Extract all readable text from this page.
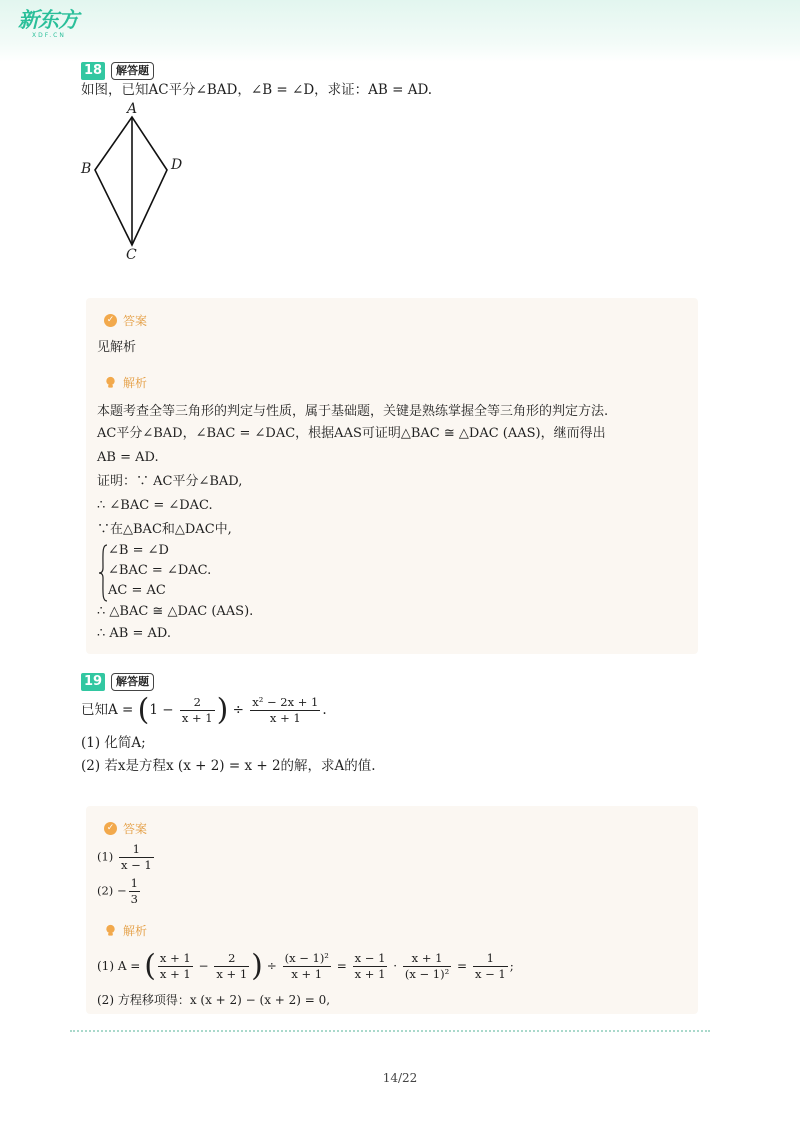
新东方
XDF.CN
18	解答题
如图，已知AC平分∠BAD，∠B = ∠D，求证：AB = AD.
A
B	D
C
✓ 答案
见解析
解析
本题考查全等三角形的判定与性质，属于基础题，关键是熟练掌握全等三角形的判定方法.
AC平分∠BAD，∠BAC = ∠DAC，根据AAS可证明△BAC ≅ △DAC (AAS)，继而得出
AB = AD.
证明：∵ AC平分∠BAD,
∴ ∠BAC = ∠DAC.
∵在△BAC和△DAC中,
∠B = ∠D
∠BAC = ∠DAC.
AC = AC
∴ △BAC ≅ △DAC (AAS).
∴ AB = AD.
19	解答题
已知$A = (1 - \frac{2}{x + 1}$ ) ÷ $\frac{\text{x² − 2x + 1}}{x + 1}$ .
(1) 化简A;
(2) 若x是方程x (x + 2) = x + 2的解，求A的值.
✓ 答案
$(1) \frac{1}{x - 1}$
$(2) - \frac{1}{3}$
解析
(1) A = ( $\frac{x + 1}{x + 1} - \frac{2}{x + 1}$ ) ÷ $\frac{\text{(x − 1)²}}{x + 1} = \frac{x - 1}{x + 1} \cdot \frac{x + 1}{\text{(x − 1)²}} = \frac{1}{x - 1}$ ;
(2) 方程移项得：x (x + 2) − (x + 2) = 0,
14/22
